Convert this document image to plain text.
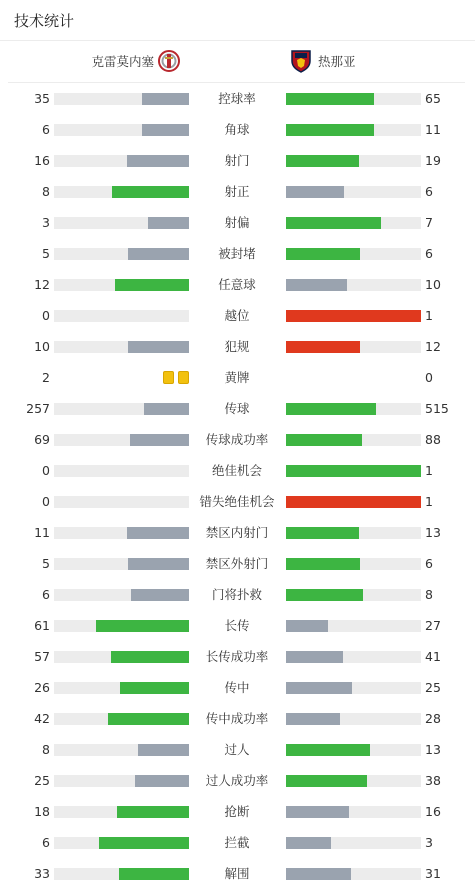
技术统计
克雷莫内塞	热那亚
35	控球率	65
6	角球	11
16	射门	19
8	射正	6
3	射偏	7
5	被封堵	6
12	任意球	10
0	越位	1
10	犯规	12
2	黄牌	0
257	传球	515
69	传球成功率	88
0	绝佳机会	1
0	错失绝佳机会	1
11	禁区内射门	13
5	禁区外射门	6
6	门将扑救	8
61	长传	27
57	长传成功率	41
26	传中	25
42	传中成功率	28
8	过人	13
25	过人成功率	38
18	抢断	16
6	拦截	3
33	解围	31
